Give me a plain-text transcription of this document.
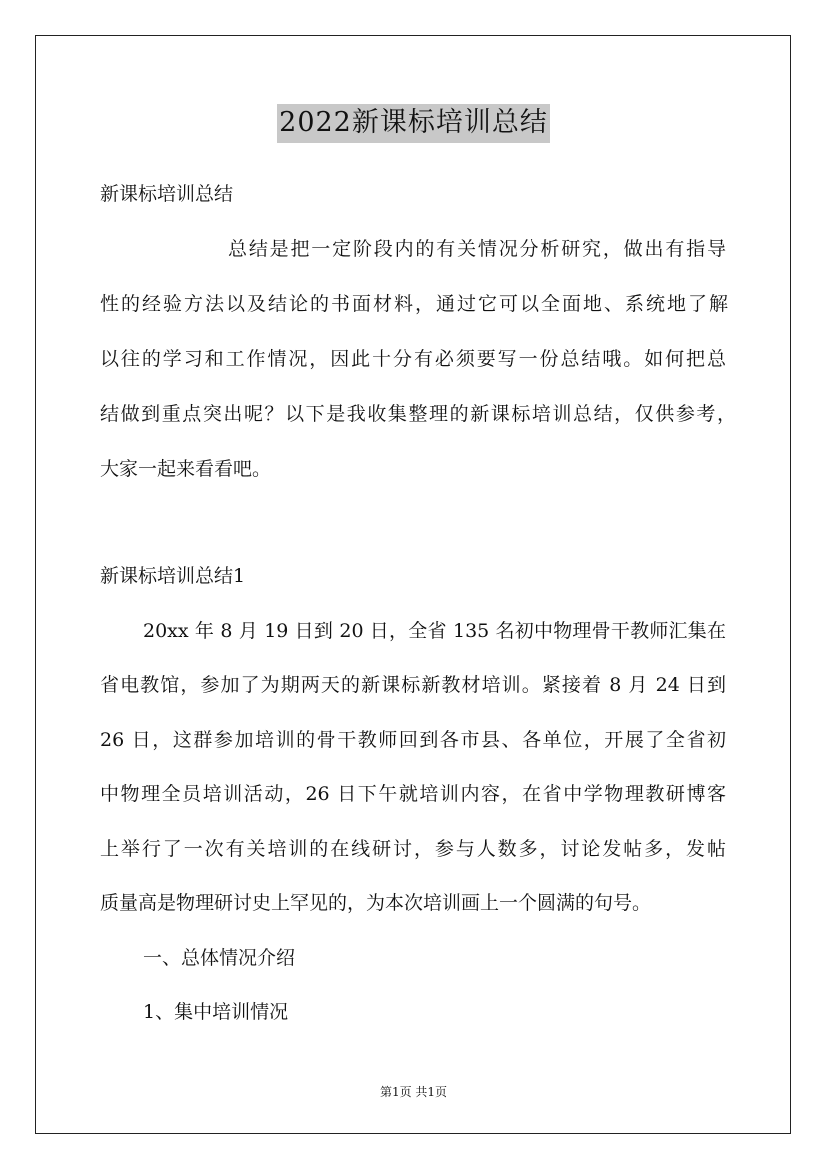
2022新课标培训总结
新课标培训总结
总结是把一定阶段内的有关情况分析研究，做出有指导
性的经验方法以及结论的书面材料，通过它可以全面地、系统地了解
以往的学习和工作情况，因此十分有必须要写一份总结哦。如何把总
结做到重点突出呢？以下是我收集整理的新课标培训总结，仅供参考，
大家一起来看看吧。
新课标培训总结1
20xx 年 8 月 19 日到 20 日，全省 135 名初中物理骨干教师汇集在
省电教馆，参加了为期两天的新课标新教材培训。紧接着 8 月 24 日到
26 日，这群参加培训的骨干教师回到各市县、各单位，开展了全省初
中物理全员培训活动，26 日下午就培训内容，在省中学物理教研博客
上举行了一次有关培训的在线研讨，参与人数多，讨论发帖多，发帖
质量高是物理研讨史上罕见的，为本次培训画上一个圆满的句号。
一、总体情况介绍
1、集中培训情况
第1页 共1页
